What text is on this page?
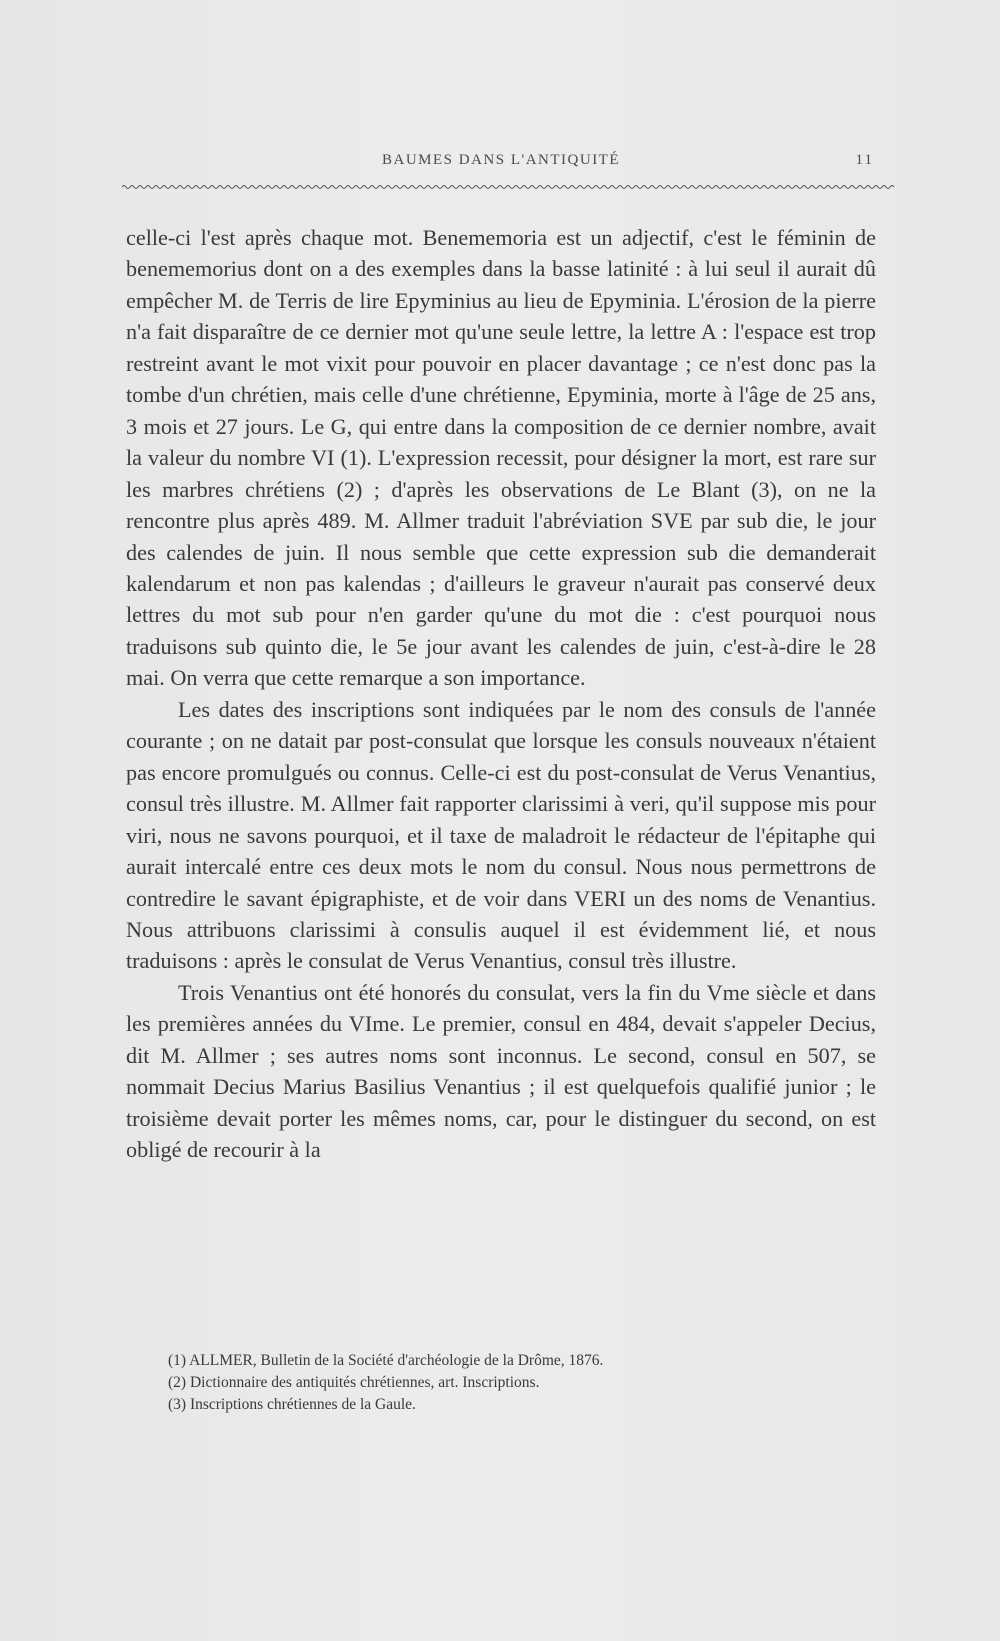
BAUMES DANS L'ANTIQUITÉ	11

celle-ci l'est après chaque mot. Benememoria est un adjectif, c'est le féminin de benememorius dont on a des exemples dans la basse latinité : à lui seul il aurait dû empêcher M. de Terris de lire Epyminius au lieu de Epyminia. L'érosion de la pierre n'a fait disparaître de ce dernier mot qu'une seule lettre, la lettre A : l'espace est trop restreint avant le mot vixit pour pouvoir en placer davantage ; ce n'est donc pas la tombe d'un chrétien, mais celle d'une chrétienne, Epyminia, morte à l'âge de 25 ans, 3 mois et 27 jours. Le G, qui entre dans la composition de ce dernier nombre, avait la valeur du nombre VI (1). L'expression recessit, pour désigner la mort, est rare sur les marbres chrétiens (2) ; d'après les observations de Le Blant (3), on ne la rencontre plus après 489. M. Allmer traduit l'abréviation SVE par sub die, le jour des calendes de juin. Il nous semble que cette expression sub die demanderait kalendarum et non pas kalendas ; d'ailleurs le graveur n'aurait pas conservé deux lettres du mot sub pour n'en garder qu'une du mot die : c'est pourquoi nous traduisons sub quinto die, le 5e jour avant les calendes de juin, c'est-à-dire le 28 mai. On verra que cette remarque a son importance.

Les dates des inscriptions sont indiquées par le nom des consuls de l'année courante ; on ne datait par post-consulat que lorsque les consuls nouveaux n'étaient pas encore promulgués ou connus. Celle-ci est du post-consulat de Verus Venantius, consul très illustre. M. Allmer fait rapporter clarissimi à veri, qu'il suppose mis pour viri, nous ne savons pourquoi, et il taxe de maladroit le rédacteur de l'épitaphe qui aurait intercalé entre ces deux mots le nom du consul. Nous nous permettrons de contredire le savant épigraphiste, et de voir dans VERI un des noms de Venantius. Nous attribuons clarissimi à consulis auquel il est évidemment lié, et nous traduisons : après le consulat de Verus Venantius, consul très illustre.

Trois Venantius ont été honorés du consulat, vers la fin du Vme siècle et dans les premières années du VIme. Le premier, consul en 484, devait s'appeler Decius, dit M. Allmer ; ses autres noms sont inconnus. Le second, consul en 507, se nommait Decius Marius Basilius Venantius ; il est quelquefois qualifié junior ; le troisième devait porter les mêmes noms, car, pour le distinguer du second, on est obligé de recourir à la

(1) ALLMER, Bulletin de la Société d'archéologie de la Drôme, 1876.

(2) Dictionnaire des antiquités chrétiennes, art. Inscriptions.

(3) Inscriptions chrétiennes de la Gaule.
